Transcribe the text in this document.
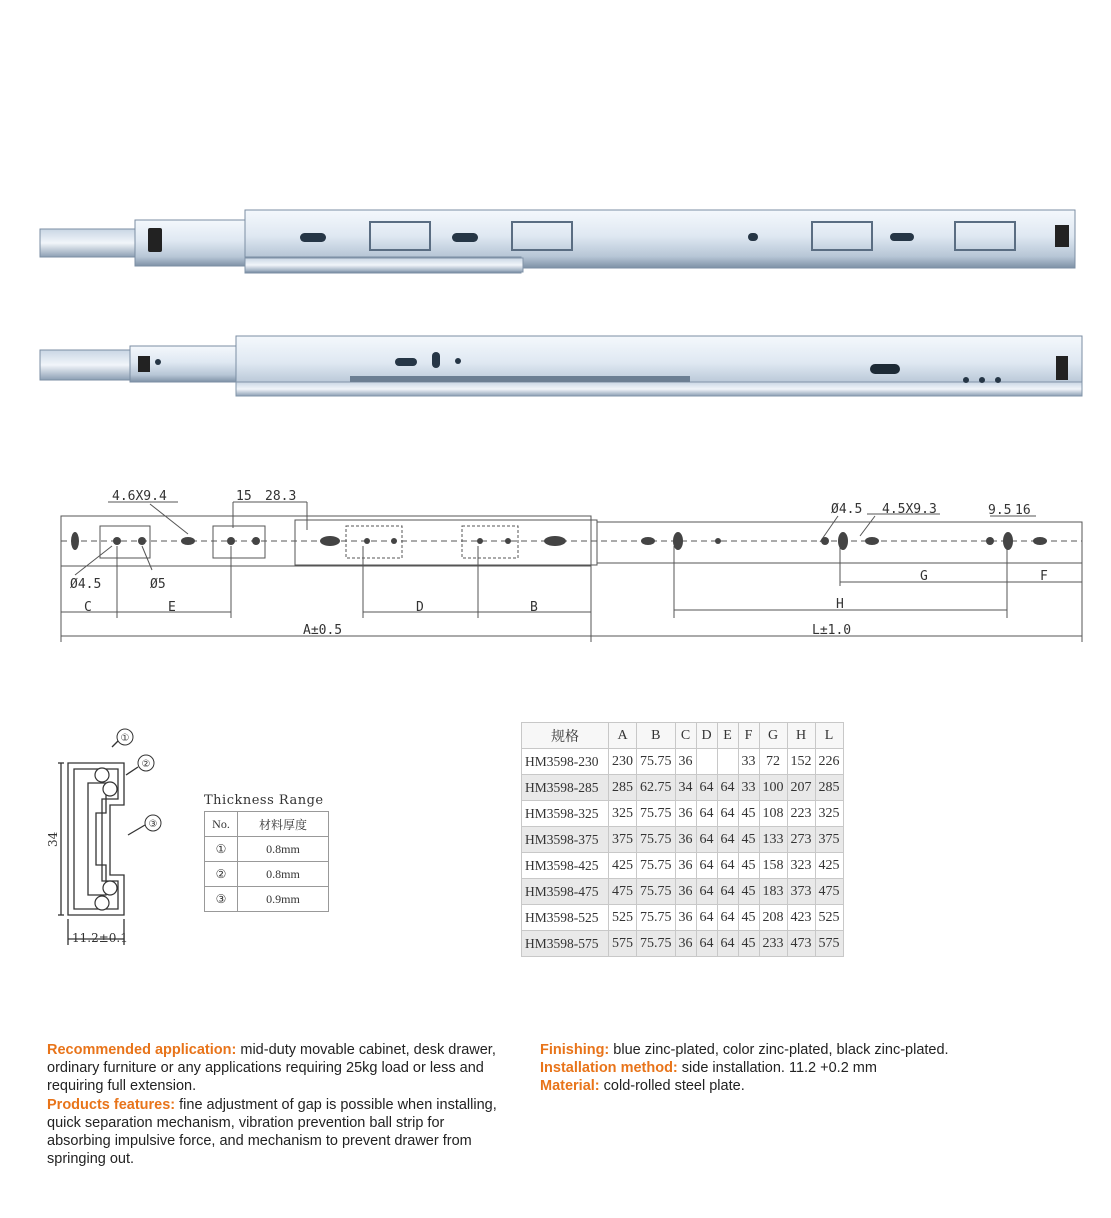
4.6X9.4	15 28.3
Ø4.5 4.5X9.3	9.5 16
Ø4.5	Ø5
C	E	D	B
A±0.5
G	F
H
L±1.0
①
②
③
34
11.2±0.1
Thickness Range
No.	材料厚度
①	0.8mm
②	0.8mm
③	0.9mm
规格	A	B	C	D	E	F	G	H	L
HM3598-230	230	75.75	36			33	72	152	226
HM3598-285	285	62.75	34	64	64	33	100	207	285
HM3598-325	325	75.75	36	64	64	45	108	223	325
HM3598-375	375	75.75	36	64	64	45	133	273	375
HM3598-425	425	75.75	36	64	64	45	158	323	425
HM3598-475	475	75.75	36	64	64	45	183	373	475
HM3598-525	525	75.75	36	64	64	45	208	423	525
HM3598-575	575	75.75	36	64	64	45	233	473	575
Recommended application: mid-duty movable cabinet, desk drawer, ordinary furniture or any applications requiring 25kg load or less and requiring full extension.
Products features: fine adjustment of gap is possible when installing, quick separation mechanism, vibration prevention ball strip for absorbing impulsive force, and mechanism to prevent drawer from springing out.
Finishing: blue zinc-plated, color zinc-plated, black zinc-plated.
Installation method: side installation. 11.2 +0.2 mm
Material: cold-rolled steel plate.
